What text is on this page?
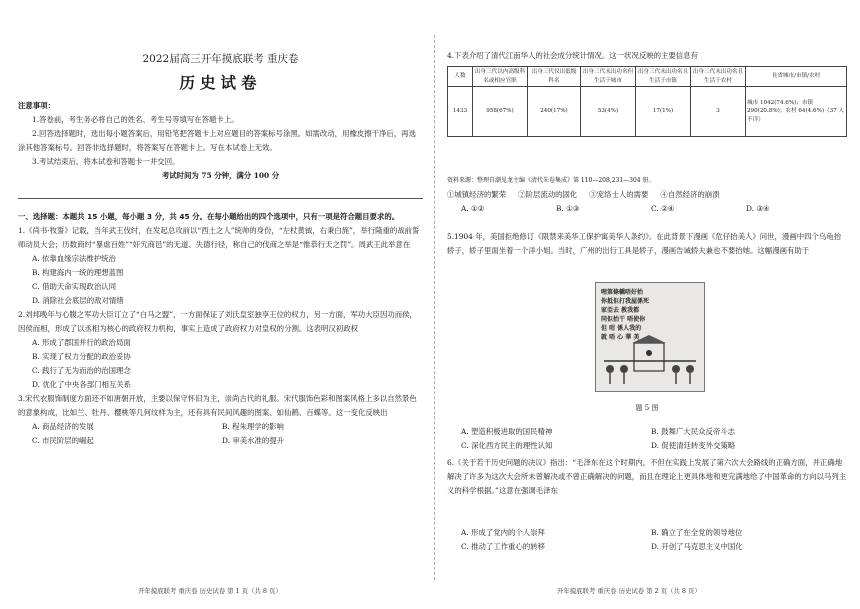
2022届高三开年摸底联考 重庆卷
历史试卷

注意事项：

1.答卷前，考生务必将自己的姓名、考生号等填写在答题卡上。

2.回答选择题时，选出每小题答案后，用铅笔把答题卡上对应题目的答案标号涂黑。如需改动，用橡皮擦干净后，再选涂其他答案标号。回答非选择题时，将答案写在答题卡上。写在本试卷上无效。

3.考试结束后，将本试卷和答题卡一并交回。

考试时间为 75 分钟，满分 100 分

一、选择题：本题共 15 小题，每小题 3 分，共 45 分。在每小题给出的四个选项中，只有一项是符合题目要求的。

1.《尚书·牧誓》记载，当年武王伐纣，在发起总攻前以“西土之人”统帅的身份，“左杖黄钺，右秉白旄”，举行隆重的战前誓师动员大会；历数商纣“暴虐百姓”“奸宄商邑”的无道、失德行径，称自己的伐商之举是“惟恭行天之罚”。周武王此举意在

A. 依靠血缘宗法维护统治

B. 构建海内一统的理想蓝图

C. 借助天命实现政治认同

D. 消除社会底层的敌对情绪

2.刘邦晚年与心腹之军功大臣订立了“白马之盟”，一方面保证了刘氏皇室独享王位的权力，另一方面，军功大臣因功而侯，因侯而相，形成了以丞相为核心的政府权力机构，事实上造成了政府权力对皇权的分割。这表明汉初政权

A. 形成了郡国并行的政治局面

B. 实现了权力分配的政治妥协

C. 践行了无为而治的治国理念

D. 优化了中央各部门相互关系

3.宋代衣服饰制度方面还不如唐朝开放，主要以保守怀旧为主，崇尚古代的礼服。宋代服饰色彩和图案风格上多以自然景色的意象构成，比如兰、牡丹、樱桃等几何纹样为主，还有具有民间风趣的图案、如仙鹤、百蝶等。这一变化反映出

A. 商品经济的发展	B. 程朱理学的影响
C. 市民阶层的崛起	D. 审美水准的提升
开年摸底联考 重庆卷 历史试卷 第 1 页（共 8 页）
4.下表介绍了清代江南华人的社会成分统计情况。这一状况反映的主要信息有
人数	出身三代以内高级科名或相应官职	出身三代仅出低级科名	出身三代未出功名但生活于城市	出身三代未出功名且生活于市镇	出身三代未出功名且生活于农村	長省城市/市镇/农村
1433	958(67%)	240(17%)	53(4%)	17(1%)	3	城市 1042(74.6%)；市镇 290(20.8%)；农村 64(4.6%)（37 人不详）
资料来源：整理自潮见龙主编《清代朱卷集成》第 110—208,231—304 册。
①城镇经济的繁荣 ②阶层流动的固化 ③宠络士人的需要 ④自然经济的崩溃
A. ①②	B. ①③	C. ②④	D. ③④
5.1904 年，美国拒绝修订《限禁来美华工保护寓美华人条约》。在此背景下漫画《危仔抬美人》问世，漫画中四个乌龟抬轿子，轿子里面坐着一个洋小姐。当时，广州的出行工具是轿子，漫画告诫轿夫兼也不要抬她。这幅漫画有助于
哩第條轎唔好抬
你抵佢打我屋係死
家亞去 教我都
同佢抬干 唔使你
但 咁 係人我的
就 唔 心 華 美
题 5 图
A. 塑造积极进取的国民精神	B. 鼓舞广大民众反帝斗志
C. 深化西方民主的理性认知	D. 促使清廷转变外交策略
6.《关于若干历史问题的决议》指出：“毛泽东在这个时期内，不但在实践上发展了第六次大会路线的正确方面，并正确地解决了许多为这次大会所未曾解决或不曾正确解决的问题，而且在理论上更具体地和更完满地给了中国革命的方向以马列主义的科学根据。”这意在强调毛泽东
A. 形成了党内的个人崇拜	B. 确立了在全党的领导地位
C. 推动了工作重心的转移	D. 开创了马克思主义中国化
开年摸底联考 重庆卷 历史试卷 第 2 页（共 8 页）
